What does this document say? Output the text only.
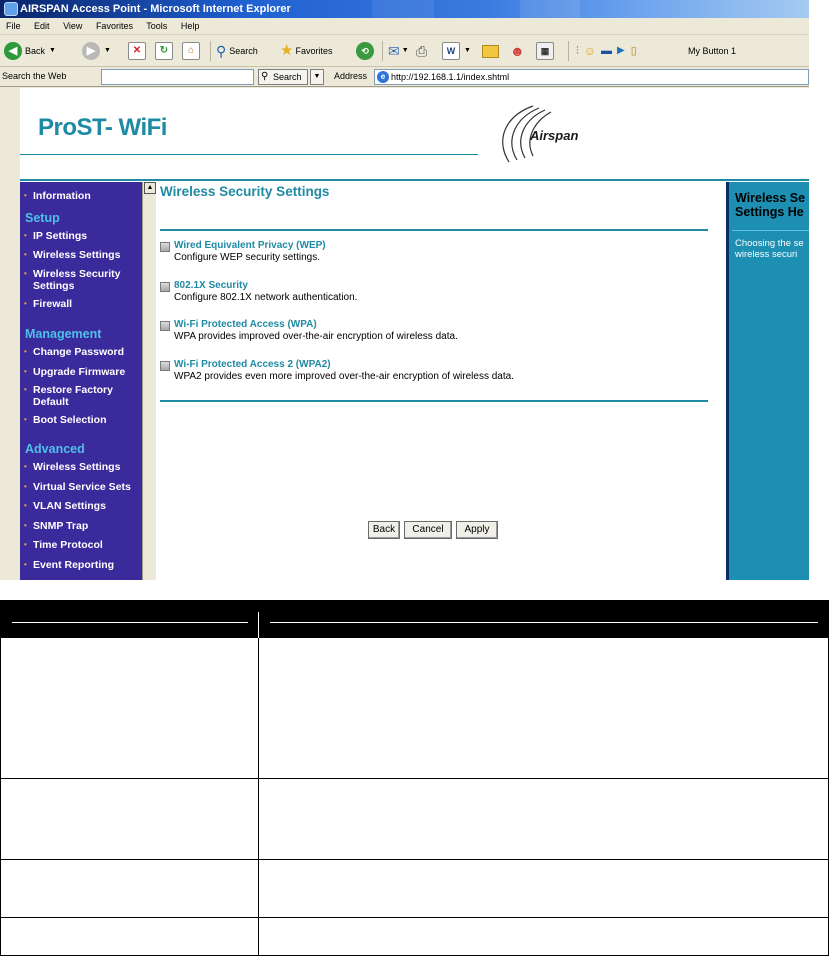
AIRSPAN Access Point - Microsoft Internet Explorer
File Edit View Favorites Tools Help
◀ Back ▼	▶	▼	✕	↻	⌂	⚲ Search ★ Favorites	⟲	✉ ▼ ⎙	W	▼	☻	▦	⫶ ☺ ▬ ▶ ▯	My Button 1
Search the Web	⚲ Search	▼	Address	e http://192.168.1.1/index.shtml
ProST- WiFi	Airspan
• Information
Setup
• IP Settings
• Wireless Settings
• Wireless Security Settings
• Firewall
Management
• Change Password
• Upgrade Firmware
• Restore Factory Default
• Boot Selection
Advanced
• Wireless Settings
• Virtual Service Sets
• VLAN Settings
• SNMP Trap
• Time Protocol
• Event Reporting
▲ Wireless Security Settings
Wired Equivalent Privacy (WEP)
Configure WEP security settings.
802.1X Security
Configure 802.1X network authentication.
Wi-Fi Protected Access (WPA)
WPA provides improved over-the-air encryption of wireless data.
Wi-Fi Protected Access 2 (WPA2)
WPA2 provides even more improved over-the-air encryption of wireless data.
Back	Cancel	Apply
Wireless Se
Settings He
Choosing the se
wireless securi
